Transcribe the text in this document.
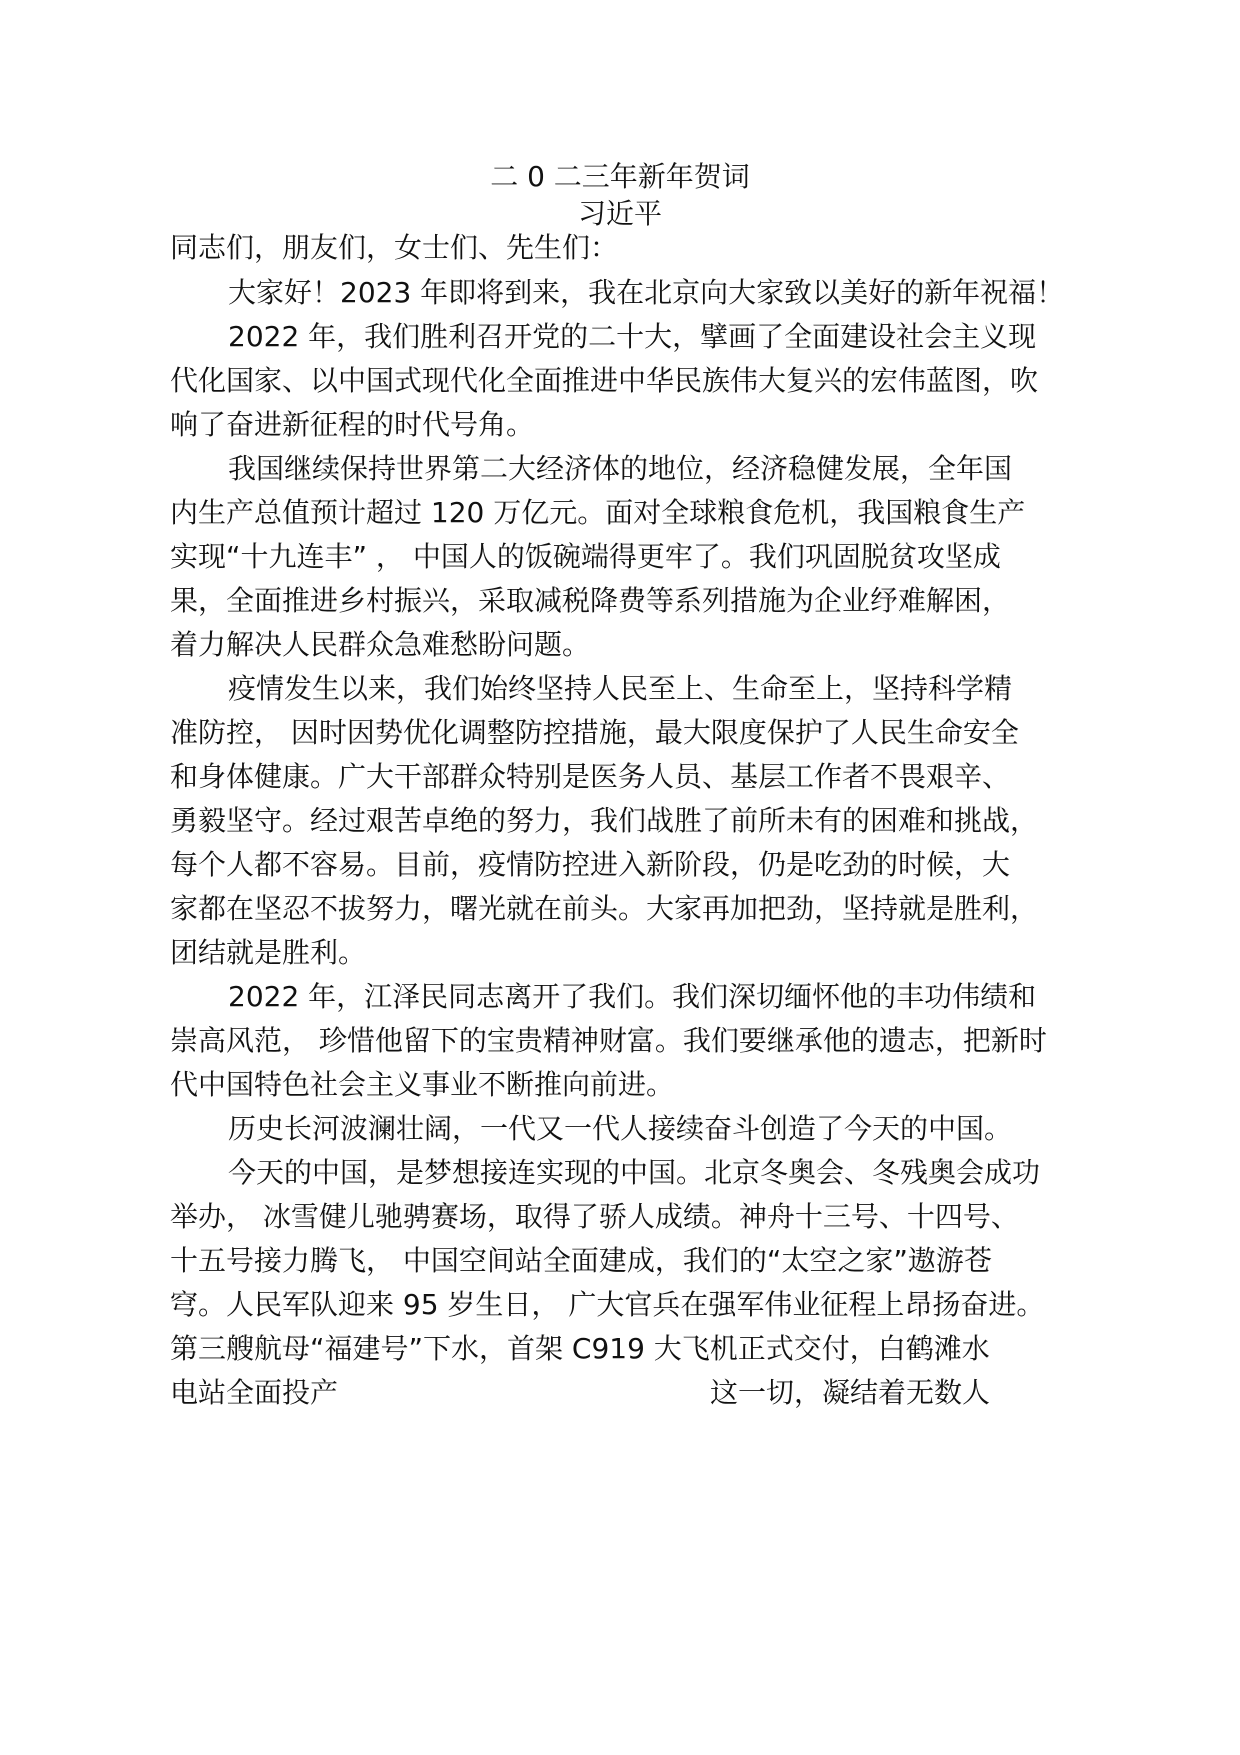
二 0 二三年新年贺词
习近平
同志们，朋友们，女士们、先生们：
大家好！2023 年即将到来，我在北京向大家致以美好的新年祝福！
2022 年，我们胜利召开党的二十大，擘画了全面建设社会主义现
代化国家、以中国式现代化全面推进中华民族伟大复兴的宏伟蓝图，吹
响了奋进新征程的时代号角。
我国继续保持世界第二大经济体的地位，经济稳健发展，全年国
内生产总值预计超过 120 万亿元。面对全球粮食危机，我国粮食生产
实现“十九连丰” ， 中国人的饭碗端得更牢了。我们巩固脱贫攻坚成
果，全面推进乡村振兴，采取减税降费等系列措施为企业纾难解困，
着力解决人民群众急难愁盼问题。
疫情发生以来，我们始终坚持人民至上、生命至上，坚持科学精
准防控， 因时因势优化调整防控措施，最大限度保护了人民生命安全
和身体健康。广大干部群众特别是医务人员、基层工作者不畏艰辛、
勇毅坚守。经过艰苦卓绝的努力，我们战胜了前所未有的困难和挑战，
每个人都不容易。目前，疫情防控进入新阶段，仍是吃劲的时候，大
家都在坚忍不拔努力，曙光就在前头。大家再加把劲，坚持就是胜利，
团结就是胜利。
2022 年，江泽民同志离开了我们。我们深切缅怀他的丰功伟绩和
崇高风范， 珍惜他留下的宝贵精神财富。我们要继承他的遗志，把新时
代中国特色社会主义事业不断推向前进。
历史长河波澜壮阔，一代又一代人接续奋斗创造了今天的中国。
今天的中国，是梦想接连实现的中国。北京冬奥会、冬残奥会成功
举办， 冰雪健儿驰骋赛场，取得了骄人成绩。神舟十三号、十四号、
十五号接力腾飞， 中国空间站全面建成，我们的“太空之家”遨游苍
穹。人民军队迎来 95 岁生日， 广大官兵在强军伟业征程上昂扬奋进。
第三艘航母“福建号”下水，首架 C919 大飞机正式交付，白鹤滩水
电站全面投产	这一切，凝结着无数人
